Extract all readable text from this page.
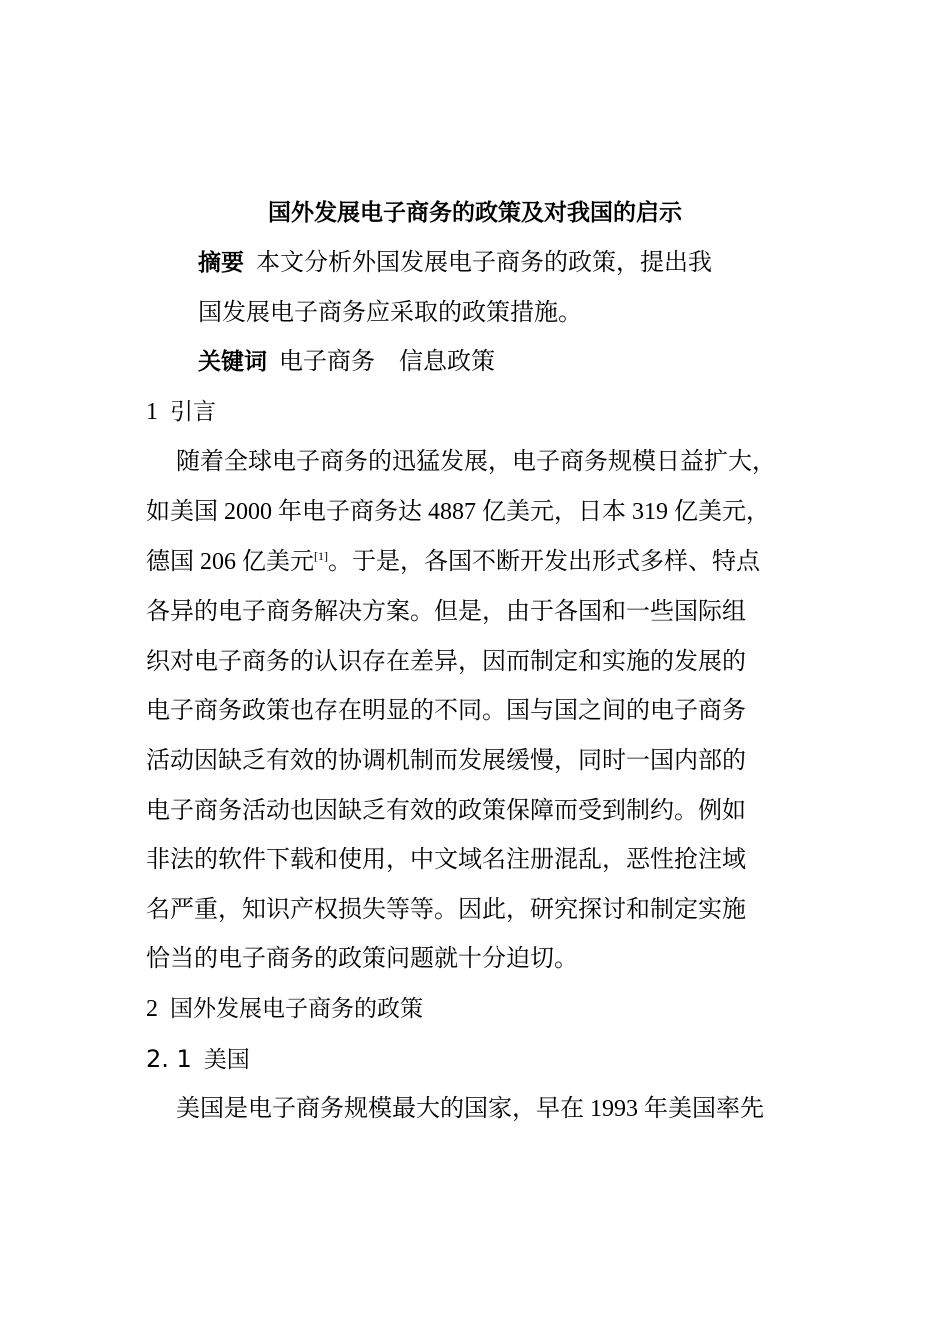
国外发展电子商务的政策及对我国的启示
摘要 本文分析外国发展电子商务的政策，提出我
国发展电子商务应采取的政策措施。
关键词 电子商务　信息政策
1 引言
随着全球电子商务的迅猛发展，电子商务规模日益扩大，
如美国 2000 年电子商务达 4887 亿美元，日本 319 亿美元，
德国 206 亿美元[1]。于是，各国不断开发出形式多样、特点
各异的电子商务解决方案。但是，由于各国和一些国际组
织对电子商务的认识存在差异，因而制定和实施的发展的
电子商务政策也存在明显的不同。国与国之间的电子商务
活动因缺乏有效的协调机制而发展缓慢，同时一国内部的
电子商务活动也因缺乏有效的政策保障而受到制约。例如
非法的软件下载和使用，中文域名注册混乱，恶性抢注域
名严重，知识产权损失等等。因此，研究探讨和制定实施
恰当的电子商务的政策问题就十分迫切。
2 国外发展电子商务的政策
2. 1 美国
美国是电子商务规模最大的国家，早在 1993 年美国率先
